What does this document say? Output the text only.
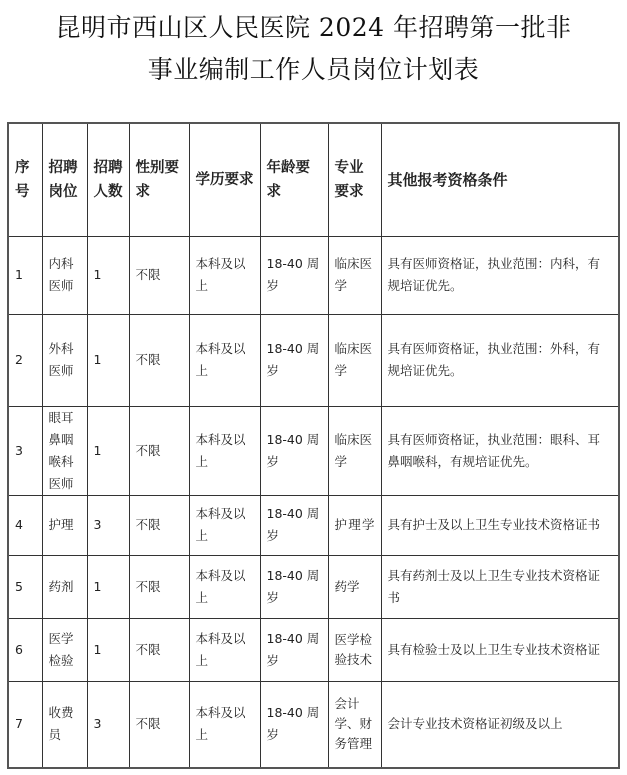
昆明市西山区人民医院 2024 年招聘第一批非
事业编制工作人员岗位计划表
序号	招聘岗位	招聘人数	性别要求	学历要求	年龄要求	专业要求	其他报考资格条件
1	内科医师	1	不限	本科及以上	18-40 周岁	临床医学	具有医师资格证，执业范围：内科，有规培证优先。
2	外科医师	1	不限	本科及以上	18-40 周岁	临床医学	具有医师资格证，执业范围：外科，有规培证优先。
3	眼耳鼻咽喉科医师	1	不限	本科及以上	18-40 周岁	临床医学	具有医师资格证，执业范围：眼科、耳鼻咽喉科，有规培证优先。
4	护理	3	不限	本科及以上	18-40 周岁	护理学	具有护士及以上卫生专业技术资格证书
5	药剂	1	不限	本科及以上	18-40 周岁	药学	具有药剂士及以上卫生专业技术资格证书
6	医学检验	1	不限	本科及以上	18-40 周岁	医学检验技术	具有检验士及以上卫生专业技术资格证
7	收费员	3	不限	本科及以上	18-40 周岁	会计学、财务管理	会计专业技术资格证初级及以上
